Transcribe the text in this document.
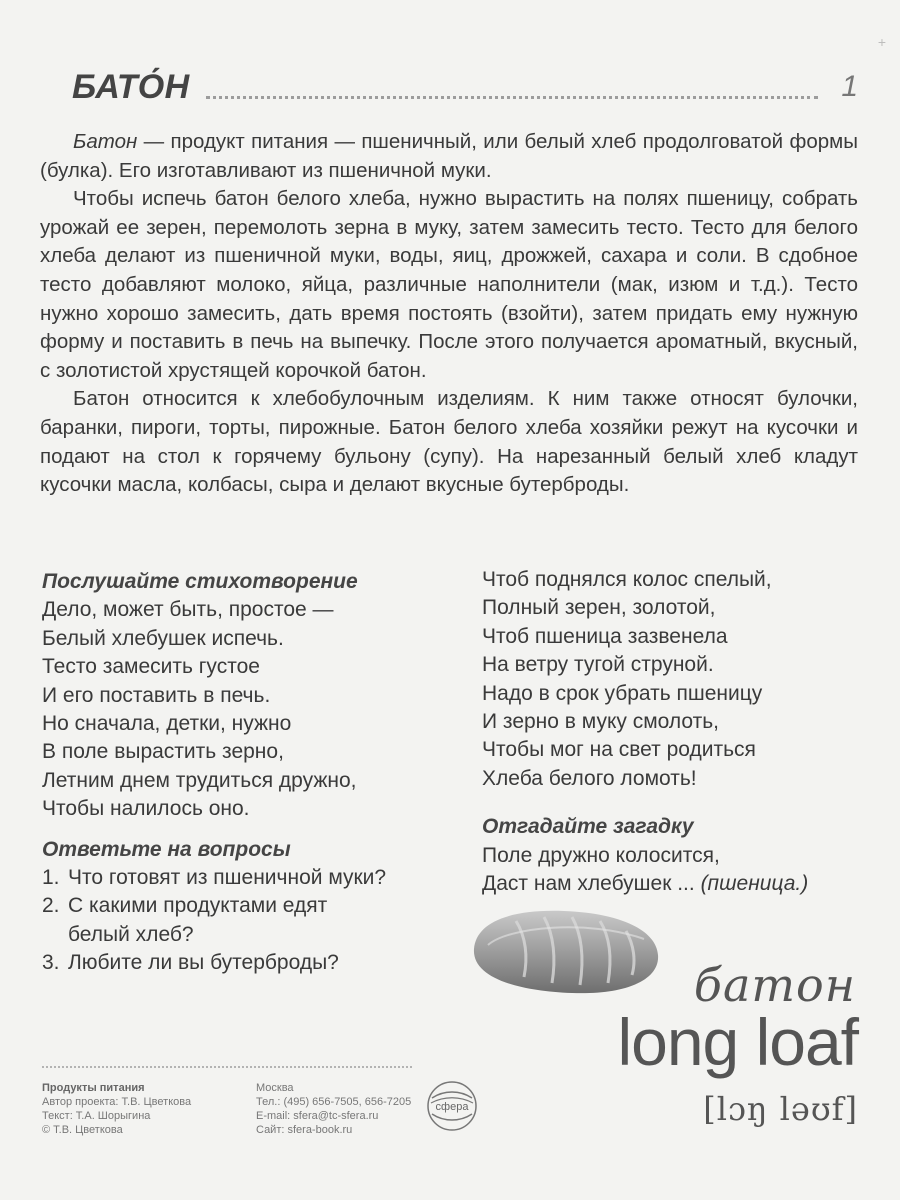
+
БАТО́Н	1

Батон — продукт питания — пшеничный, или белый хлеб продолговатой формы (булка). Его изготавливают из пшеничной муки.

Чтобы испечь батон белого хлеба, нужно вырастить на полях пшеницу, собрать урожай ее зерен, перемолоть зерна в муку, затем замесить тесто. Тесто для белого хлеба делают из пшеничной муки, воды, яиц, дрожжей, сахара и соли. В сдобное тесто добавляют молоко, яйца, различные наполнители (мак, изюм и т.д.). Тесто нужно хорошо замесить, дать время постоять (взойти), затем придать ему нужную форму и поставить в печь на выпечку. После этого получается ароматный, вкусный, с золотистой хрустящей корочкой батон.

Батон относится к хлебобулочным изделиям. К ним также относят булочки, баранки, пироги, торты, пирожные. Батон белого хлеба хозяйки режут на кусочки и подают на стол к горячему бульону (супу). На нарезанный белый хлеб кладут кусочки масла, колбасы, сыра и делают вкусные бутерброды.

Послушайте стихотворение
Дело, может быть, простое —
Белый хлебушек испечь.
Тесто замесить густое
И его поставить в печь.
Но сначала, детки, нужно
В поле вырастить зерно,
Летним днем трудиться дружно,
Чтобы налилось оно.
Ответьте на вопросы
1. Что готовят из пшеничной муки?
2. С какими продуктами едят белый хлеб?
3. Любите ли вы бутерброды?
Чтоб поднялся колос спелый,
Полный зерен, золотой,
Чтоб пшеница зазвенела
На ветру тугой струной.
Надо в срок убрать пшеницу
И зерно в муку смолоть,
Чтобы мог на свет родиться
Хлеба белого ломоть!
Отгадайте загадку
Поле дружно колосится,
Даст нам хлебушек ... (пшеница.)
батон
long loaf
[lɔŋ ləʊf]
Продукты питания
Автор проекта: Т.В. Цветкова
Текст: Т.А. Шорыгина
© Т.В. Цветкова
Москва
Тел.: (495) 656-7505, 656-7205
E-mail: sfera@tc-sfera.ru
Сайт: sfera-book.ru
сфера
